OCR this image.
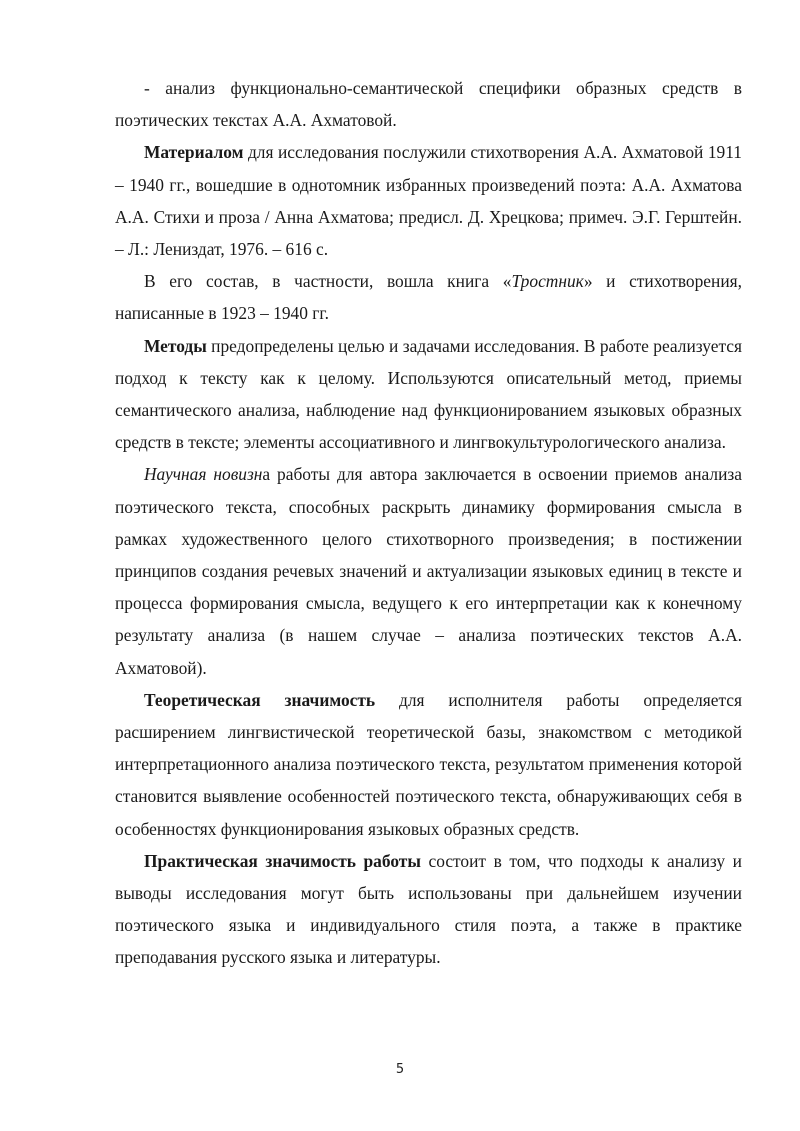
- анализ функционально-семантической специфики образных средств в поэтических текстах А.А. Ахматовой.

Материалом для исследования послужили стихотворения А.А. Ахматовой 1911 – 1940 гг., вошедшие в однотомник избранных произведений поэта: А.А. Ахматова А.А. Стихи и проза / Анна Ахматова; предисл. Д. Хрецкова; примеч. Э.Г. Герштейн. – Л.: Лениздат, 1976. – 616 с.

В его состав, в частности, вошла книга «Тростник» и стихотворения, написанные в 1923 – 1940 гг.

Методы предопределены целью и задачами исследования. В работе реализуется подход к тексту как к целому. Используются описательный метод, приемы семантического анализа, наблюдение над функционированием языковых образных средств в тексте; элементы ассоциативного и лингвокультурологического анализа.

Научная новизна работы для автора заключается в освоении приемов анализа поэтического текста, способных раскрыть динамику формирования смысла в рамках художественного целого стихотворного произведения; в постижении принципов создания речевых значений и актуализации языковых единиц в тексте и процесса формирования смысла, ведущего к его интерпретации как к конечному результату анализа (в нашем случае – анализа поэтических текстов А.А. Ахматовой).

Теоретическая значимость для исполнителя работы определяется расширением лингвистической теоретической базы, знакомством с методикой интерпретационного анализа поэтического текста, результатом применения которой становится выявление особенностей поэтического текста, обнаруживающих себя в особенностях функционирования языковых образных средств.

Практическая значимость работы состоит в том, что подходы к анализу и выводы исследования могут быть использованы при дальнейшем изучении поэтического языка и индивидуального стиля поэта, а также в практике преподавания русского языка и литературы.

5
